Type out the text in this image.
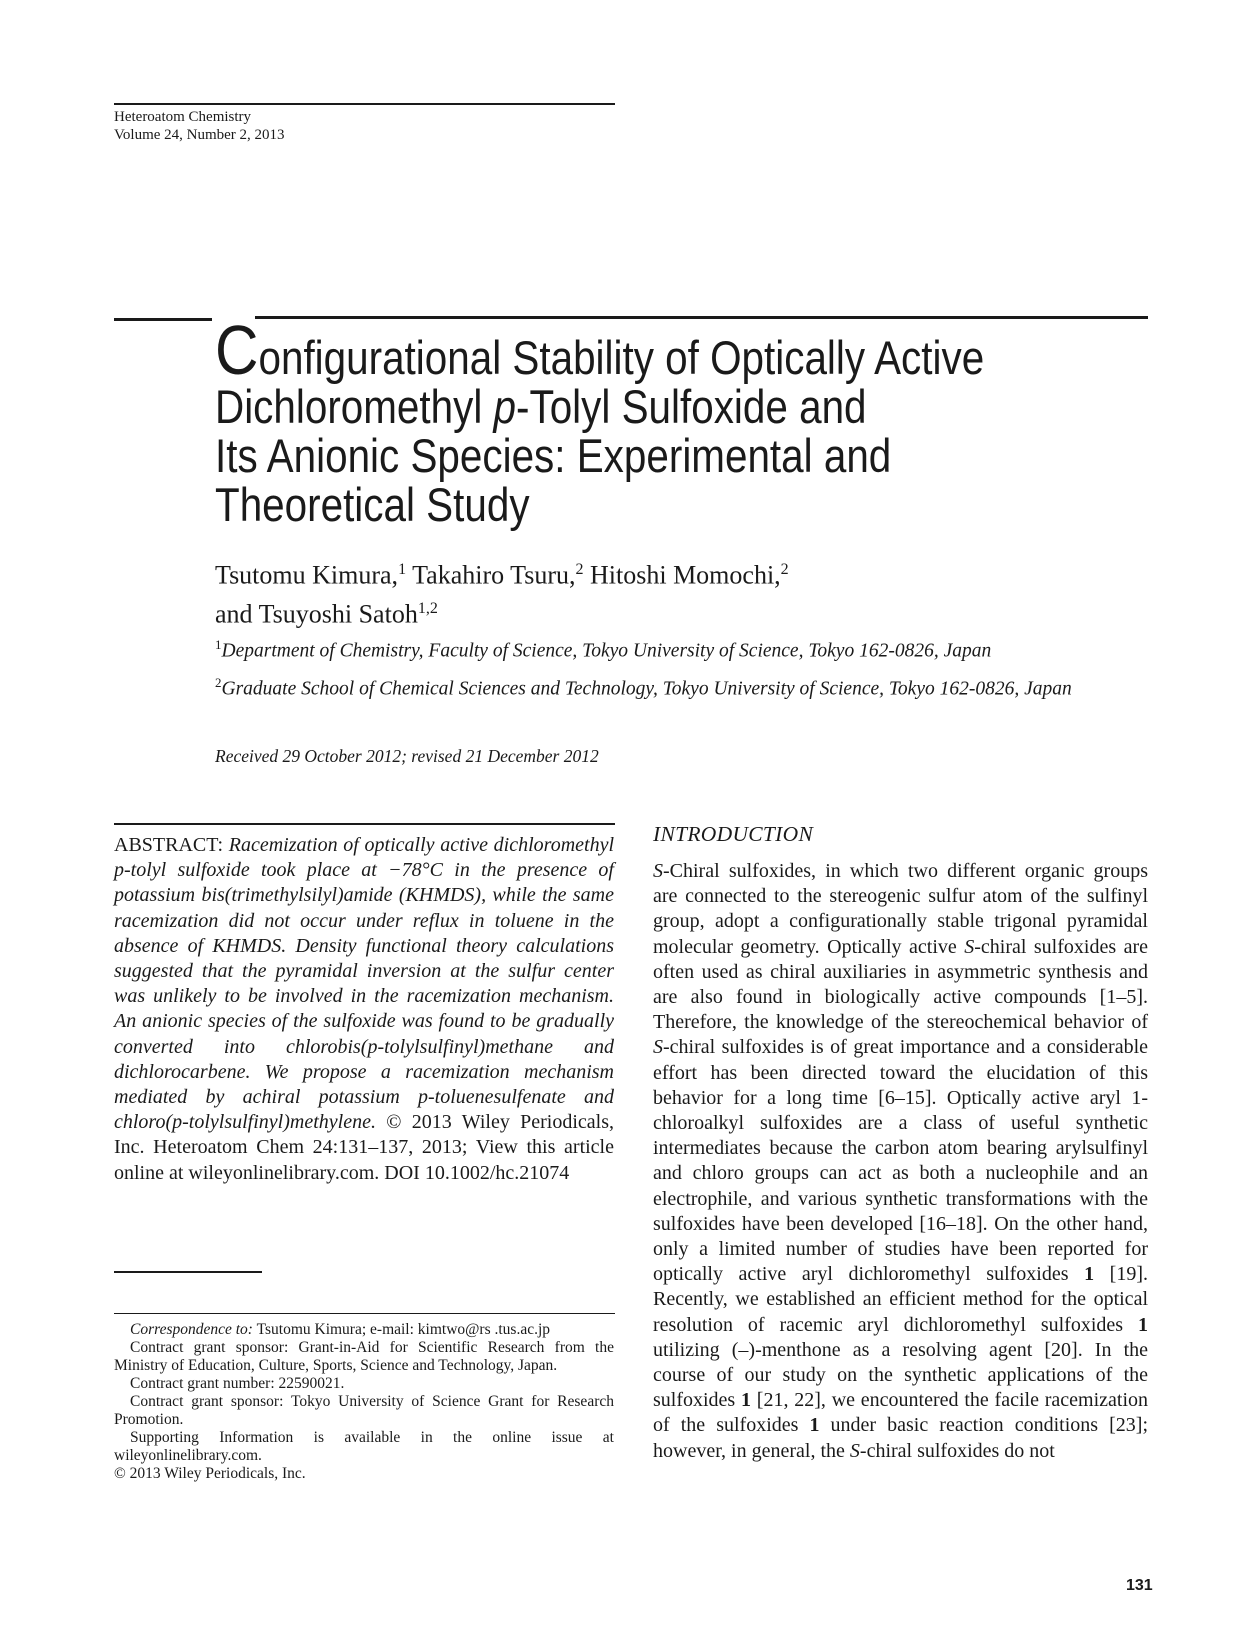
Heteroatom Chemistry
Volume 24, Number 2, 2013
Configurational Stability of Optically Active
Dichloromethyl p-Tolyl Sulfoxide and
Its Anionic Species: Experimental and
Theoretical Study
Tsutomu Kimura,$^1$ Takahiro Tsuru,$^2$ Hitoshi Momochi,$^2$
and Tsuyoshi Satoh$^{1,2}$
$^1$Department of Chemistry, Faculty of Science, Tokyo University of Science, Tokyo 162-0826, Japan
$^2$Graduate School of Chemical Sciences and Technology, Tokyo University of Science, Tokyo 162-0826, Japan
Received 29 October 2012; revised 21 December 2012
ABSTRACT: Racemization of optically active dichloromethyl p-tolyl sulfoxide took place at −78°C in the presence of potassium bis(trimethylsilyl)amide (KHMDS), while the same racemization did not occur under reflux in toluene in the absence of KHMDS. Density functional theory calculations suggested that the pyramidal inversion at the sulfur center was unlikely to be involved in the racemization mechanism. An anionic species of the sulfoxide was found to be gradually converted into chlorobis(p-tolylsulfinyl)methane and dichlorocarbene. We propose a racemization mechanism mediated by achiral potassium p-toluenesulfenate and chloro(p-tolylsulfinyl)methylene. © 2013 Wiley Periodicals, Inc. Heteroatom Chem 24:131–137, 2013; View this article online at wileyonlinelibrary.com. DOI 10.1002/hc.21074

Correspondence to: Tsutomu Kimura; e-mail: kimtwo@rs .tus.ac.jp

Contract grant sponsor: Grant-in-Aid for Scientific Research from the Ministry of Education, Culture, Sports, Science and Technology, Japan.

Contract grant number: 22590021.

Contract grant sponsor: Tokyo University of Science Grant for Research Promotion.

Supporting Information is available in the online issue at wileyonlinelibrary.com.

© 2013 Wiley Periodicals, Inc.

INTRODUCTION
S-Chiral sulfoxides, in which two different organic groups are connected to the stereogenic sulfur atom of the sulfinyl group, adopt a configurationally stable trigonal pyramidal molecular geometry. Optically active S-chiral sulfoxides are often used as chiral auxiliaries in asymmetric synthesis and are also found in biologically active compounds [1–5]. Therefore, the knowledge of the stereochemical behavior of S-chiral sulfoxides is of great importance and a considerable effort has been directed toward the elucidation of this behavior for a long time [6–15]. Optically active aryl 1-chloroalkyl sulfoxides are a class of useful synthetic intermediates because the carbon atom bearing arylsulfinyl and chloro groups can act as both a nucleophile and an electrophile, and various synthetic transformations with the sulfoxides have been developed [16–18]. On the other hand, only a limited number of studies have been reported for optically active aryl dichloromethyl sulfoxides 1 [19]. Recently, we established an efficient method for the optical resolution of racemic aryl dichloromethyl sulfoxides 1 utilizing (–)-menthone as a resolving agent [20]. In the course of our study on the synthetic applications of the sulfoxides 1 [21, 22], we encountered the facile racemization of the sulfoxides 1 under basic reaction conditions [23]; however, in general, the S-chiral sulfoxides do not
131
